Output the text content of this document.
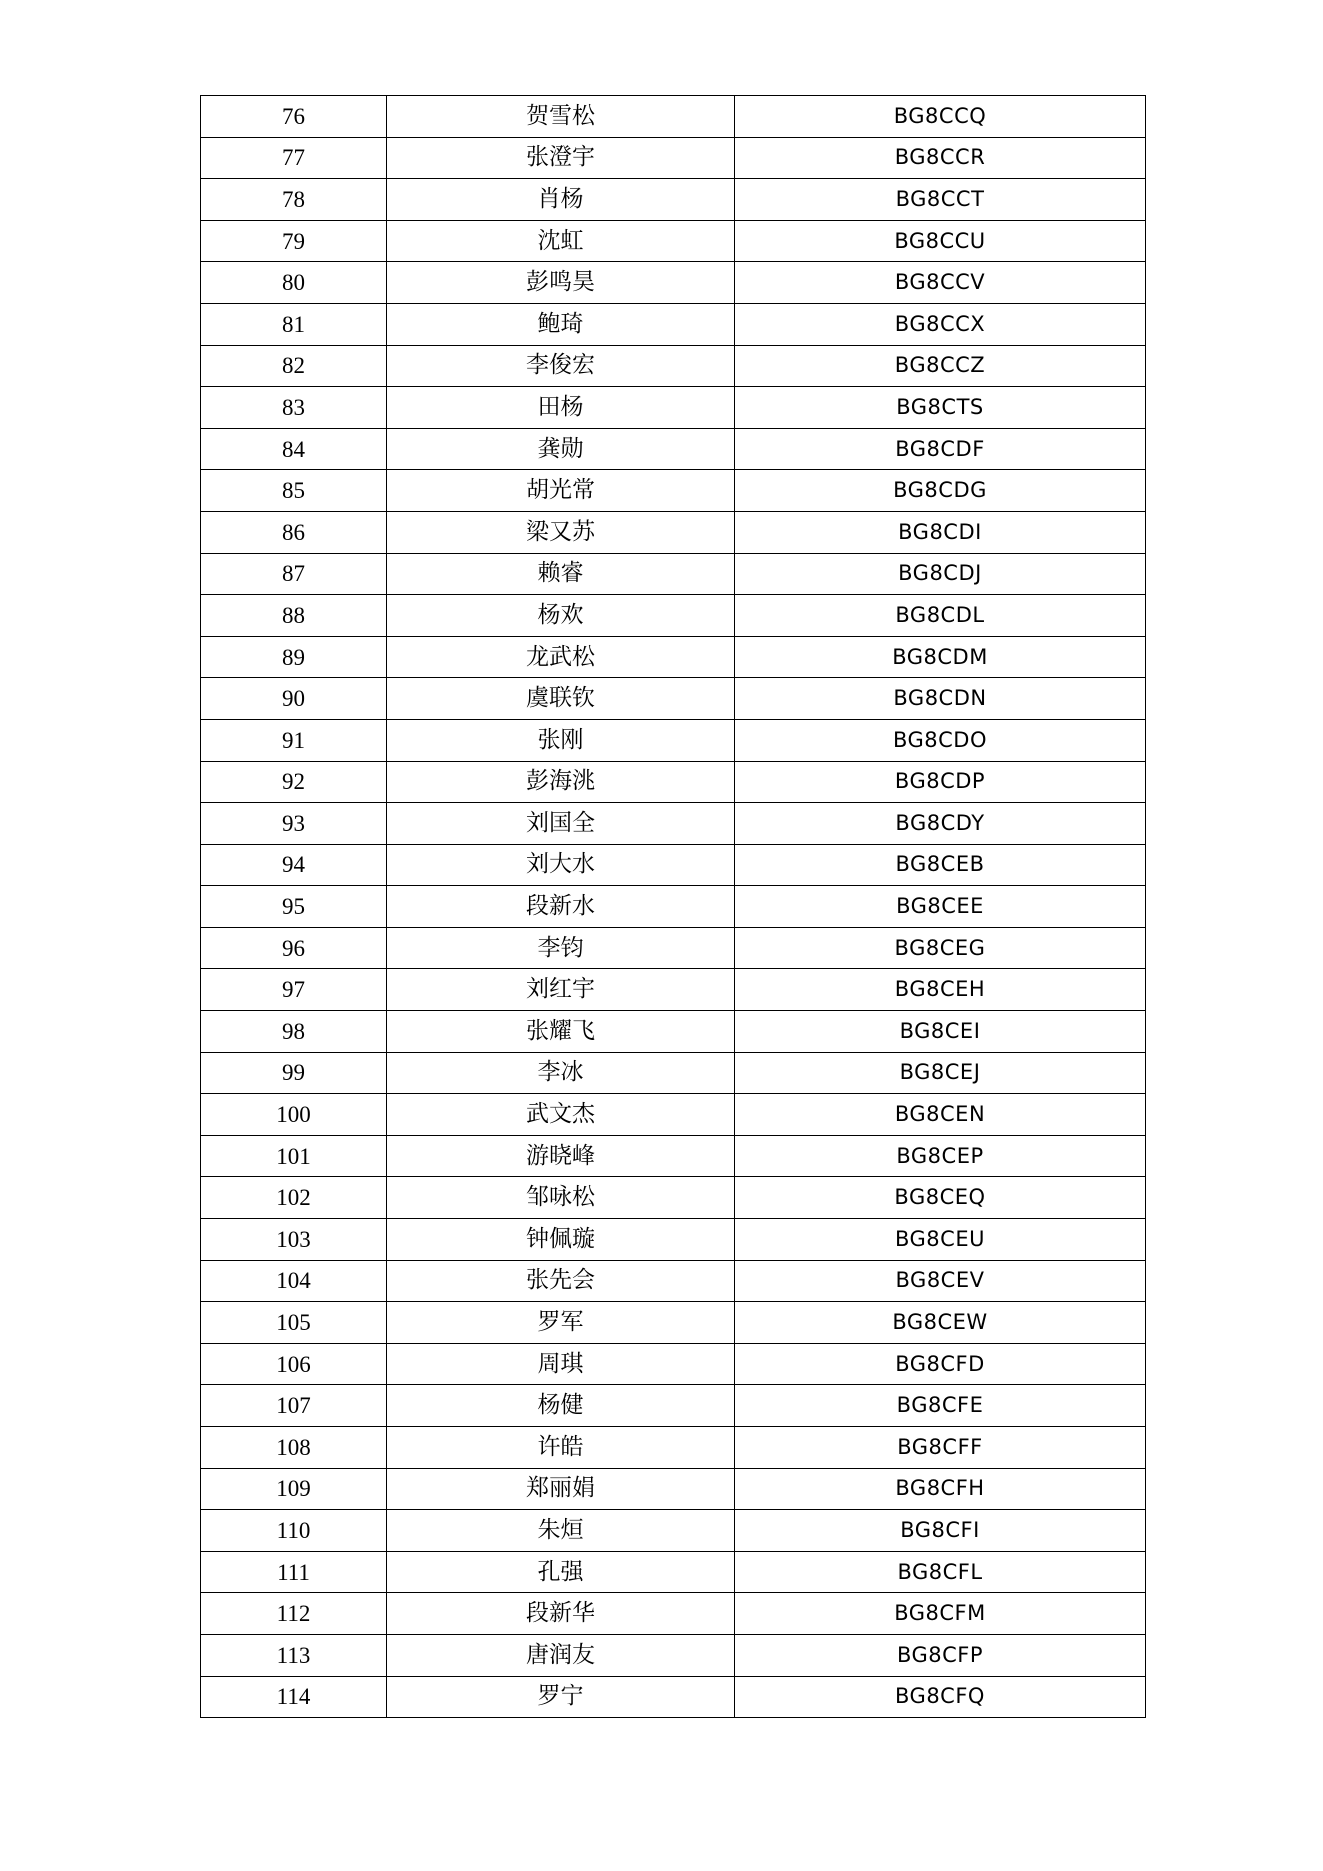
76	贺雪松	BG8CCQ
77	张澄宇	BG8CCR
78	肖杨	BG8CCT
79	沈虹	BG8CCU
80	彭鸣昊	BG8CCV
81	鲍琦	BG8CCX
82	李俊宏	BG8CCZ
83	田杨	BG8CTS
84	龚勋	BG8CDF
85	胡光常	BG8CDG
86	梁又苏	BG8CDI
87	赖睿	BG8CDJ
88	杨欢	BG8CDL
89	龙武松	BG8CDM
90	虞联钦	BG8CDN
91	张刚	BG8CDO
92	彭海洮	BG8CDP
93	刘国全	BG8CDY
94	刘大水	BG8CEB
95	段新水	BG8CEE
96	李钧	BG8CEG
97	刘红宇	BG8CEH
98	张耀飞	BG8CEI
99	李冰	BG8CEJ
100	武文杰	BG8CEN
101	游晓峰	BG8CEP
102	邹咏松	BG8CEQ
103	钟佩璇	BG8CEU
104	张先会	BG8CEV
105	罗军	BG8CEW
106	周琪	BG8CFD
107	杨健	BG8CFE
108	许皓	BG8CFF
109	郑丽娟	BG8CFH
110	朱烜	BG8CFI
111	孔强	BG8CFL
112	段新华	BG8CFM
113	唐润友	BG8CFP
114	罗宁	BG8CFQ
